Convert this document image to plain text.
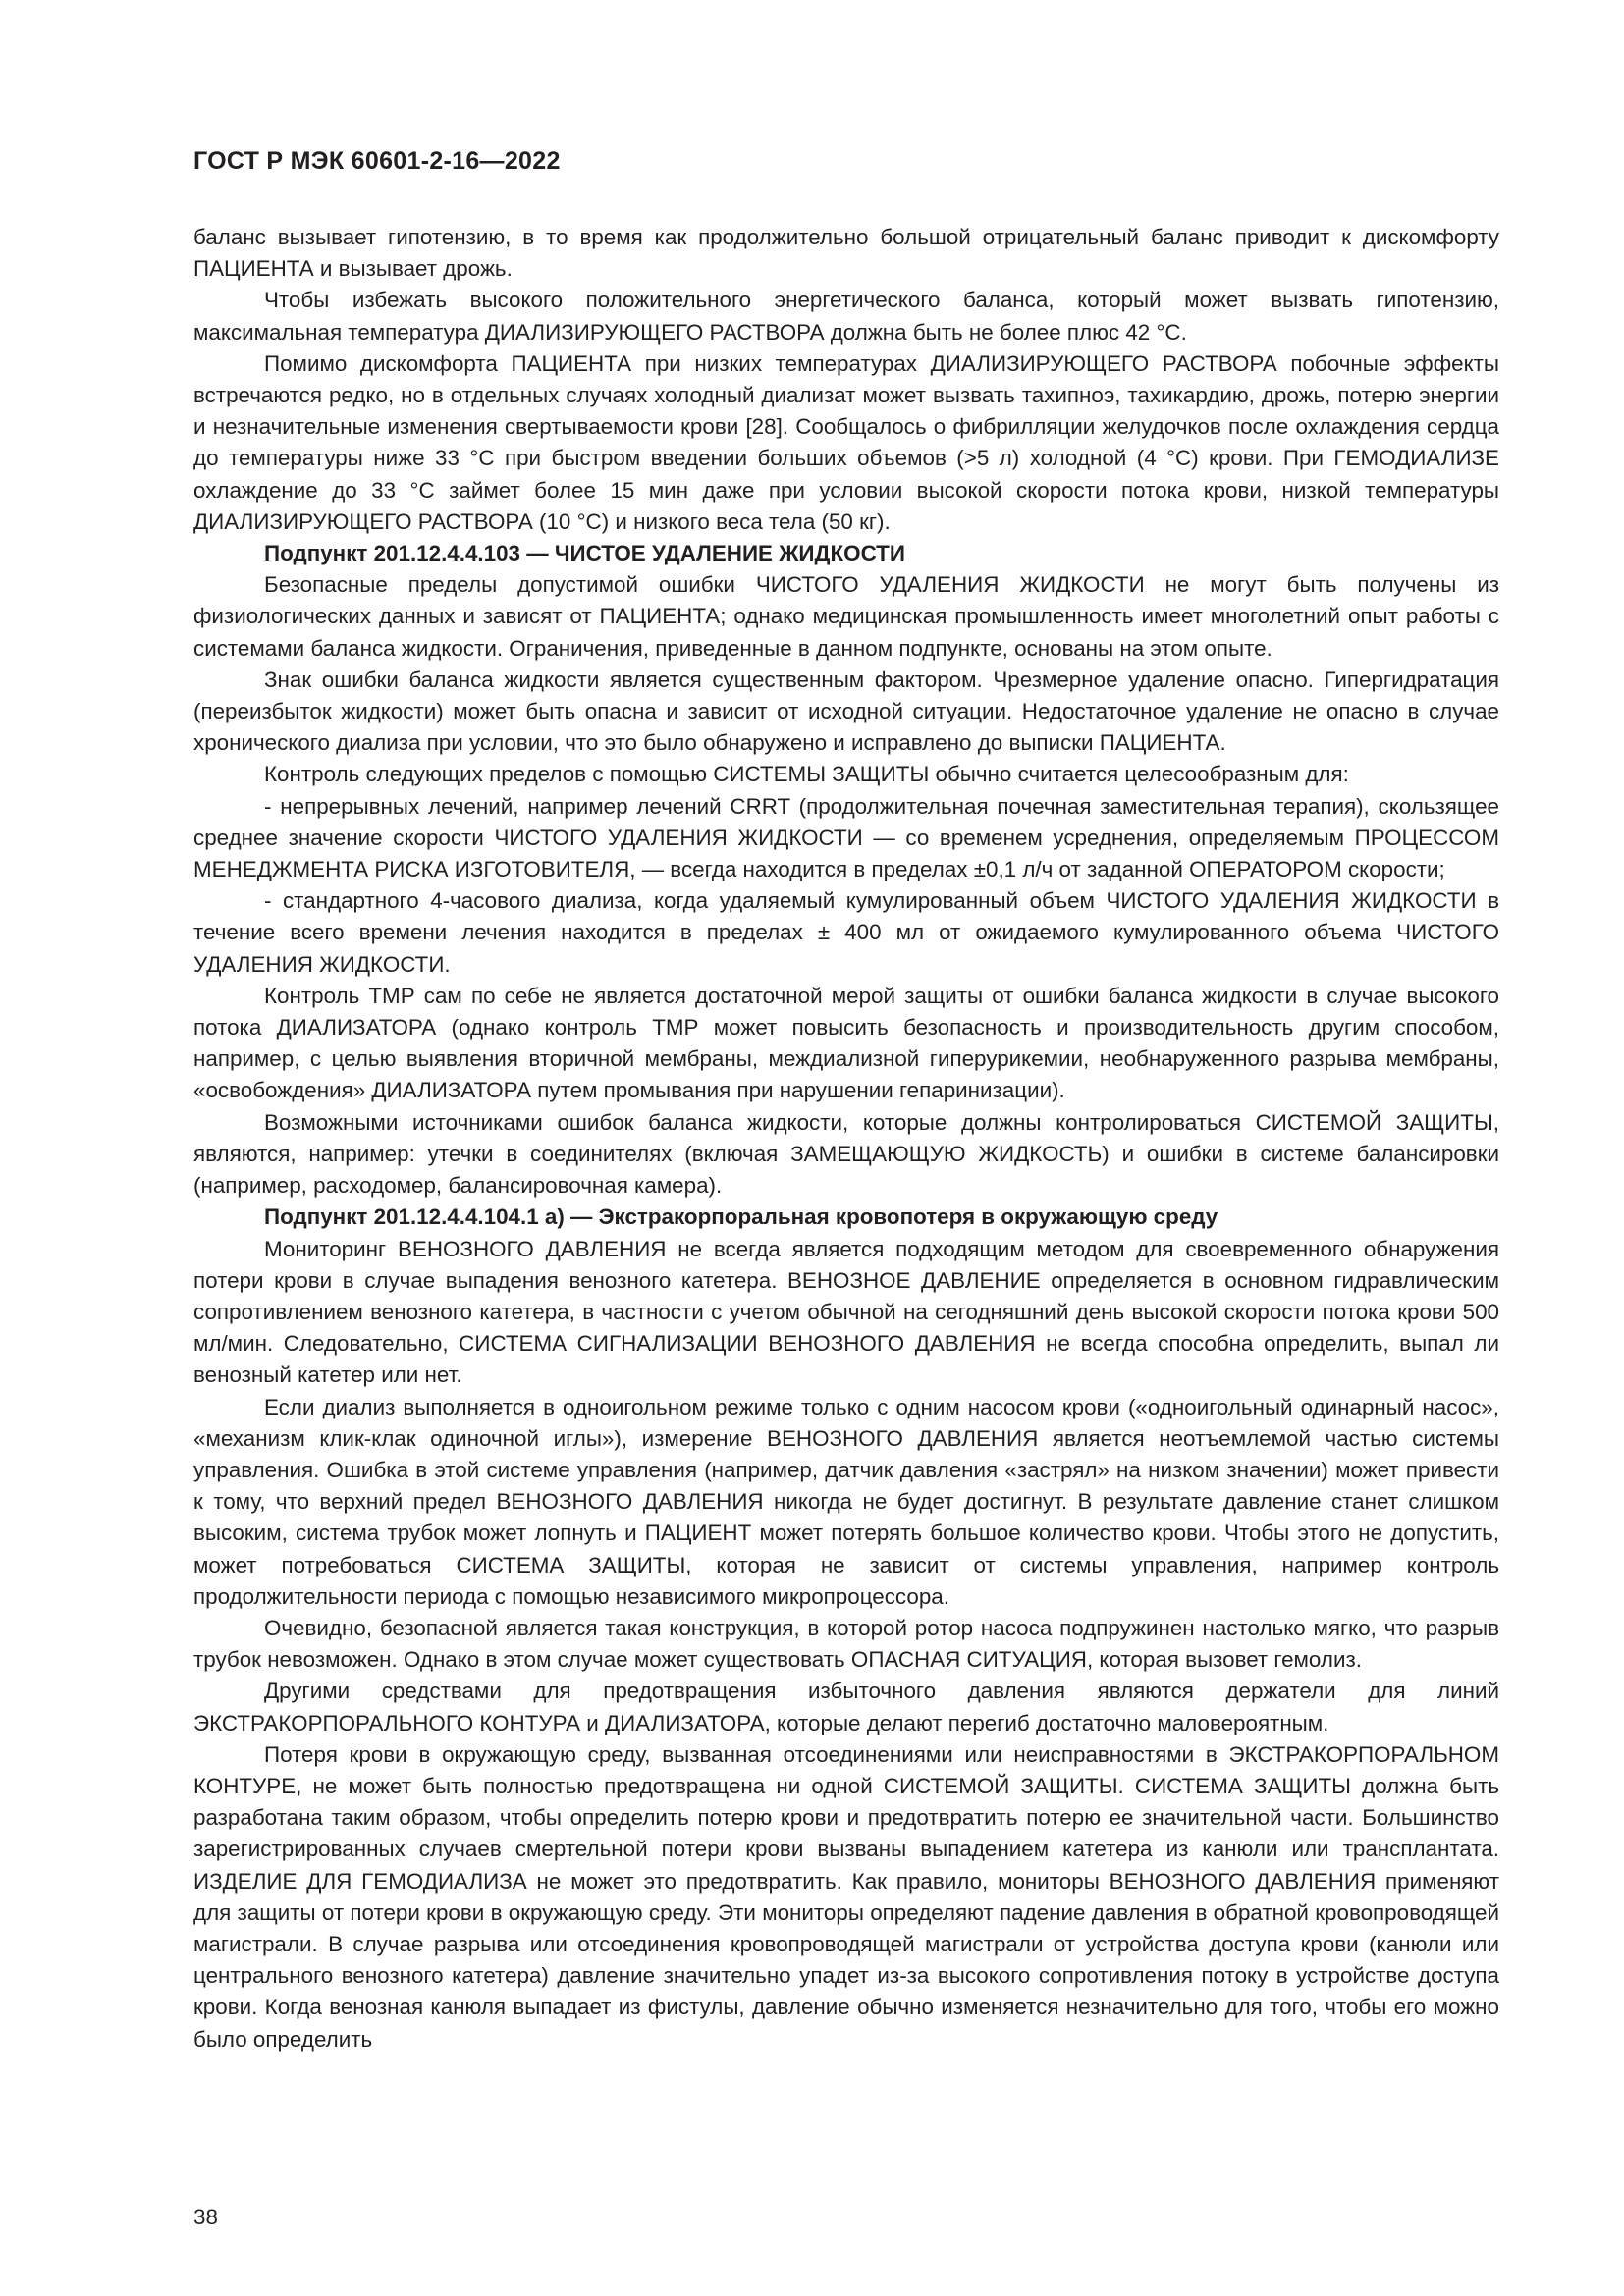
ГОСТ Р МЭК 60601-2-16—2022

баланс вызывает гипотензию, в то время как продолжительно большой отрицательный баланс приводит к дискомфорту ПАЦИЕНТА и вызывает дрожь.

Чтобы избежать высокого положительного энергетического баланса, который может вызвать гипотензию, максимальная температура ДИАЛИЗИРУЮЩЕГО РАСТВОРА должна быть не более плюс 42 °С.

Помимо дискомфорта ПАЦИЕНТА при низких температурах ДИАЛИЗИРУЮЩЕГО РАСТВОРА побочные эффекты встречаются редко, но в отдельных случаях холодный диализат может вызвать тахипноэ, тахикардию, дрожь, потерю энергии и незначительные изменения свертываемости крови [28]. Сообщалось о фибрилляции желудочков после охлаждения сердца до температуры ниже 33 °С при быстром введении больших объемов (>5 л) холодной (4 °С) крови. При ГЕМОДИАЛИЗЕ охлаждение до 33 °С займет более 15 мин даже при условии высокой скорости потока крови, низкой температуры ДИАЛИЗИРУЮЩЕГО РАСТВОРА (10 °С) и низкого веса тела (50 кг).

Подпункт 201.12.4.4.103 — ЧИСТОЕ УДАЛЕНИЕ ЖИДКОСТИ

Безопасные пределы допустимой ошибки ЧИСТОГО УДАЛЕНИЯ ЖИДКОСТИ не могут быть получены из физиологических данных и зависят от ПАЦИЕНТА; однако медицинская промышленность имеет многолетний опыт работы с системами баланса жидкости. Ограничения, приведенные в данном подпункте, основаны на этом опыте.

Знак ошибки баланса жидкости является существенным фактором. Чрезмерное удаление опасно. Гипергидратация (переизбыток жидкости) может быть опасна и зависит от исходной ситуации. Недостаточное удаление не опасно в случае хронического диализа при условии, что это было обнаружено и исправлено до выписки ПАЦИЕНТА.

Контроль следующих пределов с помощью СИСТЕМЫ ЗАЩИТЫ обычно считается целесообразным для:

- непрерывных лечений, например лечений CRRT (продолжительная почечная заместительная терапия), скользящее среднее значение скорости ЧИСТОГО УДАЛЕНИЯ ЖИДКОСТИ — со временем усреднения, определяемым ПРОЦЕССОМ МЕНЕДЖМЕНТА РИСКА ИЗГОТОВИТЕЛЯ, — всегда находится в пределах ±0,1 л/ч от заданной ОПЕРАТОРОМ скорости;

- стандартного 4-часового диализа, когда удаляемый кумулированный объем ЧИСТОГО УДАЛЕНИЯ ЖИДКОСТИ в течение всего времени лечения находится в пределах ± 400 мл от ожидаемого кумулированного объема ЧИСТОГО УДАЛЕНИЯ ЖИДКОСТИ.

Контроль ТМР сам по себе не является достаточной мерой защиты от ошибки баланса жидкости в случае высокого потока ДИАЛИЗАТОРА (однако контроль ТМР может повысить безопасность и производительность другим способом, например, с целью выявления вторичной мембраны, междиализной гиперурикемии, необнаруженного разрыва мембраны, «освобождения» ДИАЛИЗАТОРА путем промывания при нарушении гепаринизации).

Возможными источниками ошибок баланса жидкости, которые должны контролироваться СИСТЕМОЙ ЗАЩИТЫ, являются, например: утечки в соединителях (включая ЗАМЕЩАЮЩУЮ ЖИДКОСТЬ) и ошибки в системе балансировки (например, расходомер, балансировочная камера).

Подпункт 201.12.4.4.104.1 а) — Экстракорпоральная кровопотеря в окружающую среду

Мониторинг ВЕНОЗНОГО ДАВЛЕНИЯ не всегда является подходящим методом для своевременного обнаружения потери крови в случае выпадения венозного катетера. ВЕНОЗНОЕ ДАВЛЕНИЕ определяется в основном гидравлическим сопротивлением венозного катетера, в частности с учетом обычной на сегодняшний день высокой скорости потока крови 500 мл/мин. Следовательно, СИСТЕМА СИГНАЛИЗАЦИИ ВЕНОЗНОГО ДАВЛЕНИЯ не всегда способна определить, выпал ли венозный катетер или нет.

Если диализ выполняется в одноигольном режиме только с одним насосом крови («одноигольный одинарный насос», «механизм клик-клак одиночной иглы»), измерение ВЕНОЗНОГО ДАВЛЕНИЯ является неотъемлемой частью системы управления. Ошибка в этой системе управления (например, датчик давления «застрял» на низком значении) может привести к тому, что верхний предел ВЕНОЗНОГО ДАВЛЕНИЯ никогда не будет достигнут. В результате давление станет слишком высоким, система трубок может лопнуть и ПАЦИЕНТ может потерять большое количество крови. Чтобы этого не допустить, может потребоваться СИСТЕМА ЗАЩИТЫ, которая не зависит от системы управления, например контроль продолжительности периода с помощью независимого микропроцессора.

Очевидно, безопасной является такая конструкция, в которой ротор насоса подпружинен настолько мягко, что разрыв трубок невозможен. Однако в этом случае может существовать ОПАСНАЯ СИТУАЦИЯ, которая вызовет гемолиз.

Другими средствами для предотвращения избыточного давления являются держатели для линий ЭКСТРАКОРПОРАЛЬНОГО КОНТУРА и ДИАЛИЗАТОРА, которые делают перегиб достаточно маловероятным.

Потеря крови в окружающую среду, вызванная отсоединениями или неисправностями в ЭКСТРАКОРПОРАЛЬНОМ КОНТУРЕ, не может быть полностью предотвращена ни одной СИСТЕМОЙ ЗАЩИТЫ. СИСТЕМА ЗАЩИТЫ должна быть разработана таким образом, чтобы определить потерю крови и предотвратить потерю ее значительной части. Большинство зарегистрированных случаев смертельной потери крови вызваны выпадением катетера из канюли или трансплантата. ИЗДЕЛИЕ ДЛЯ ГЕМОДИАЛИЗА не может это предотвратить. Как правило, мониторы ВЕНОЗНОГО ДАВЛЕНИЯ применяют для защиты от потери крови в окружающую среду. Эти мониторы определяют падение давления в обратной кровопроводящей магистрали. В случае разрыва или отсоединения кровопроводящей магистрали от устройства доступа крови (канюли или центрального венозного катетера) давление значительно упадет из-за высокого сопротивления потоку в устройстве доступа крови. Когда венозная канюля выпадает из фистулы, давление обычно изменяется незначительно для того, чтобы его можно было определить

38
